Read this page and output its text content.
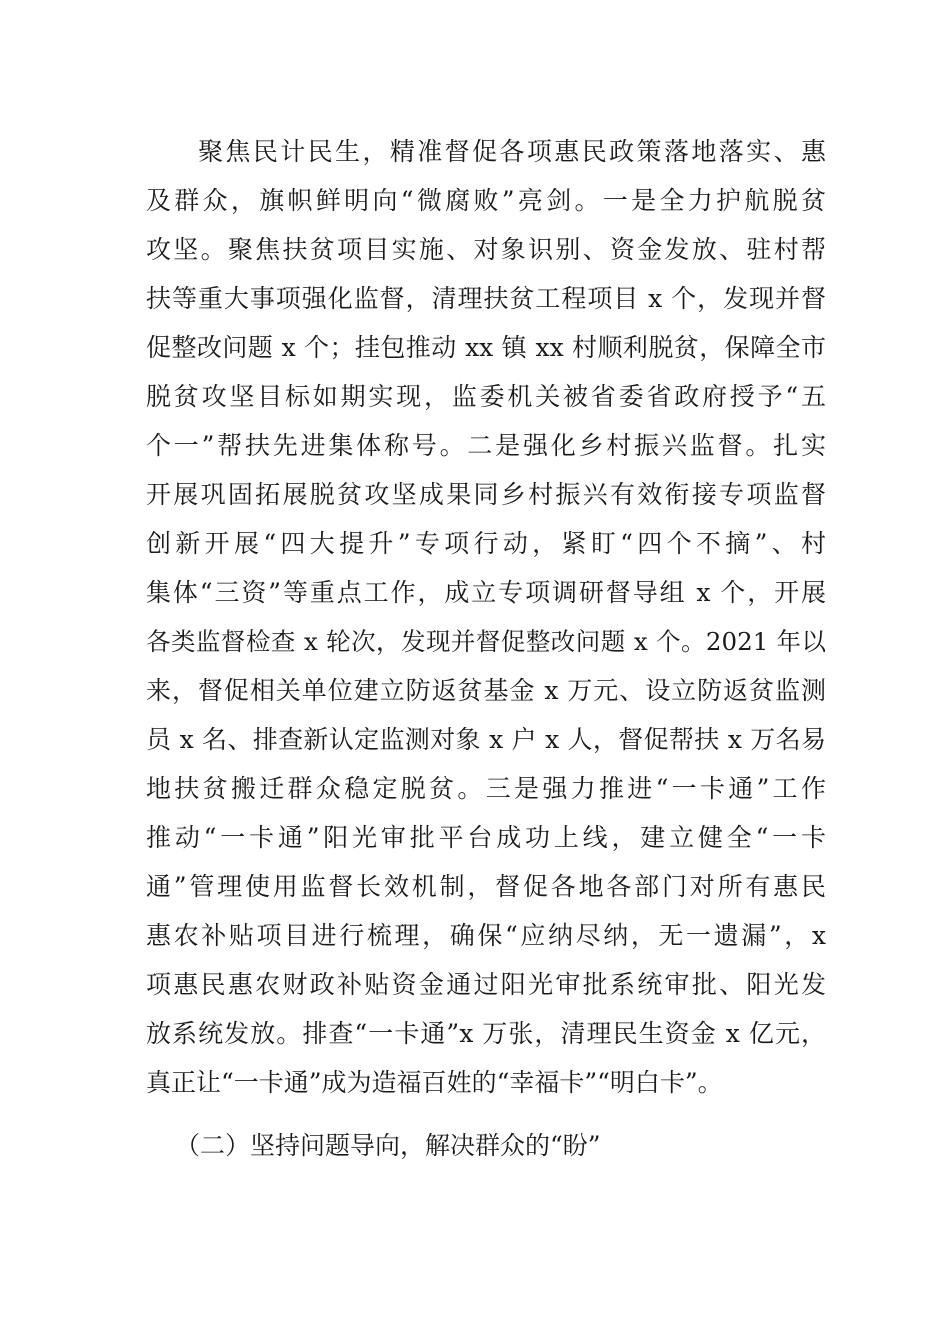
聚焦民计民生，精准督促各项惠民政策落地落实、惠
及群众，旗帜鲜明向“微腐败”亮剑。一是全力护航脱贫
攻坚。聚焦扶贫项目实施、对象识别、资金发放、驻村帮
扶等重大事项强化监督，清理扶贫工程项目 x 个，发现并督
促整改问题 x 个；挂包推动 xx 镇 xx 村顺利脱贫，保障全市
脱贫攻坚目标如期实现，监委机关被省委省政府授予“五
个一”帮扶先进集体称号。二是强化乡村振兴监督。扎实
开展巩固拓展脱贫攻坚成果同乡村振兴有效衔接专项监督
创新开展“四大提升”专项行动，紧盯“四个不摘”、村
集体“三资”等重点工作，成立专项调研督导组 x 个，开展
各类监督检查 x 轮次，发现并督促整改问题 x 个。2021 年以
来，督促相关单位建立防返贫基金 x 万元、设立防返贫监测
员 x 名、排查新认定监测对象 x 户 x 人，督促帮扶 x 万名易
地扶贫搬迁群众稳定脱贫。三是强力推进“一卡通”工作
推动“一卡通”阳光审批平台成功上线，建立健全“一卡
通”管理使用监督长效机制，督促各地各部门对所有惠民
惠农补贴项目进行梳理，确保“应纳尽纳，无一遗漏”，x
项惠民惠农财政补贴资金通过阳光审批系统审批、阳光发
放系统发放。排查“一卡通”x 万张，清理民生资金 x 亿元，
真正让“一卡通”成为造福百姓的“幸福卡”“明白卡”。
（二）坚持问题导向，解决群众的“盼”
